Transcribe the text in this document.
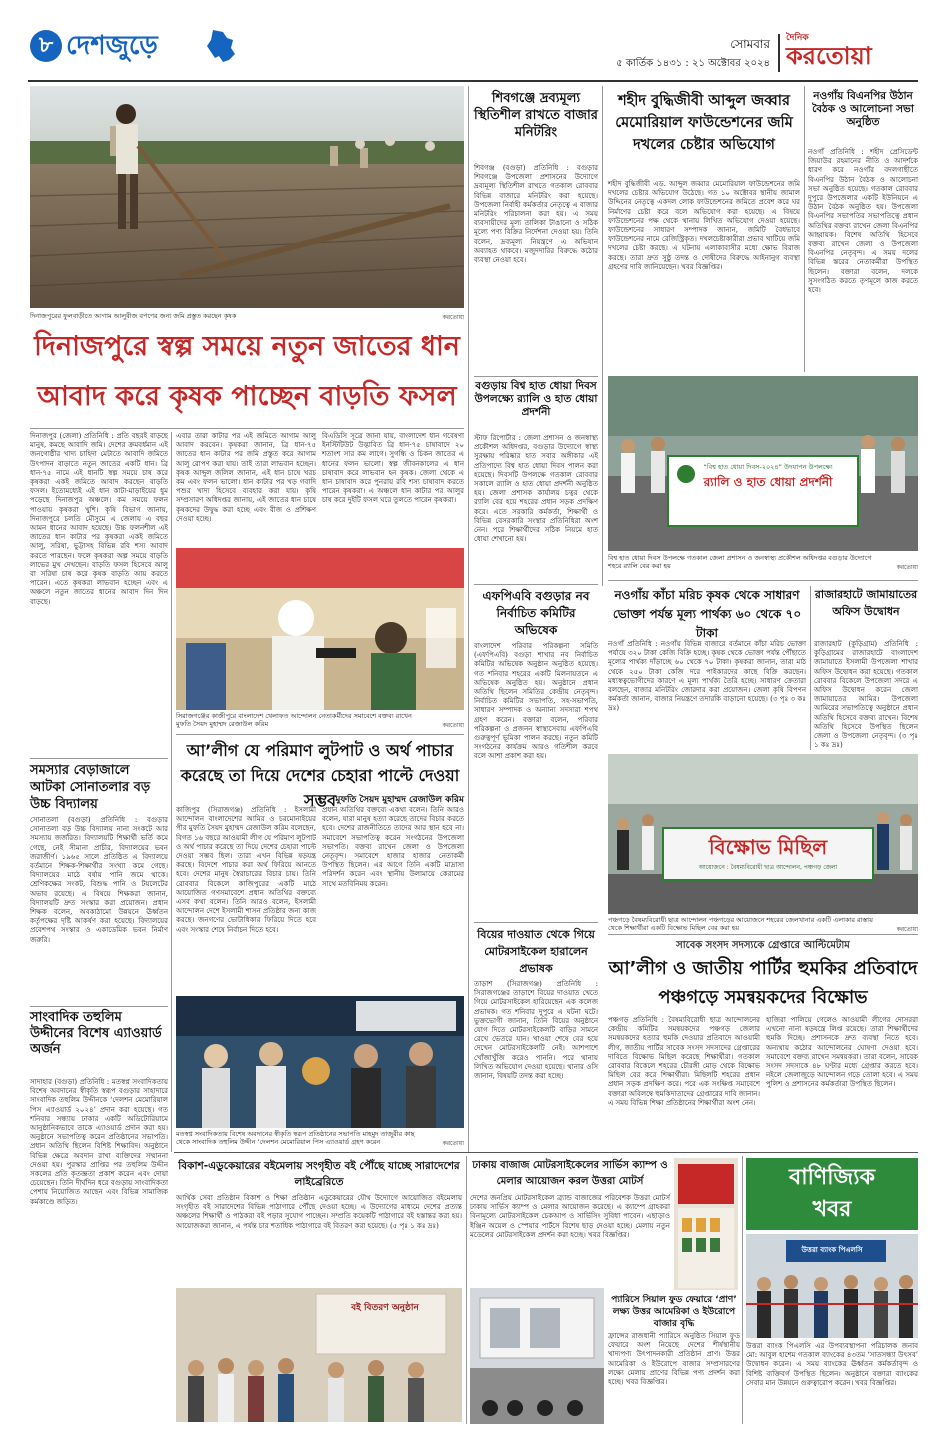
৮ দেশজুড়ে	সোমবার
৫ কার্তিক ১৪৩১ : ২১ অক্টোবর ২০২৪
দৈনিক
করতোয়া
দিনাজপুরের ফুলবাড়ীতে আগাম আলুবীজ বপণের জন্য জমি প্রস্তুত করছেন কৃষক	করতোয়া
দিনাজপুরে স্বল্প সময়ে নতুন জাতের ধান আবাদ করে কৃষক পাচ্ছেন বাড়তি ফসল
দিনাজপুর (জেলা) প্রতিনিধি : প্রতি বছরই বাড়ছে মানুষ, কমছে আবাদি জমি। দেশের ক্রমবর্ধমান এই জনগোষ্ঠীর খাদ্য চাহিদা মেটাতে আবাদি জমিতে উৎপাদন বাড়াতে নতুন জাতের একটি ধান। ব্রি ধান-৭৫ নামে এই ধানটি স্বল্প সময়ে চাষ করে কৃষকরা একই জমিতে আবাদ করছেন বাড়তি ফসল। ইতোমধ্যেই এই ধান কাটা-মাড়াইয়ের ধুম পড়েছে দিনাজপুর অঞ্চলে। কম সময়ে ফলন পাওয়ায় কৃষকরা খুশি। কৃষি বিভাগ জানায়, দিনাজপুরে চলতি মৌসুমে এ জেলায় এ বছর আমন ধানের আবাদ হয়েছে। উচ্চ ফলনশীল এই জাতের ধান কাটার পর কৃষকরা একই জমিতে আলু, সরিষা, ভুট্টাসহ বিভিন্ন রবি শস্য আবাদ করতে পারছেন। ফলে কৃষকরা অল্প সময়ে বাড়তি লাভের মুখ দেখছেন। বাড়তি ফসল হিসেবে আলু বা সরিষা চাষ করে কৃষক বাড়তি আয় করতে পারেন। এতে কৃষকরা লাভবান হচ্ছেন এবং এ অঞ্চলে নতুন জাতের ধানের আবাদ দিন দিন বাড়ছে।
এবার তারা কাটার পর এই জমিতে আগাম আলু আবাদ করবেন। কৃষকরা জানান, ব্রি ধান-৭৫ জাতের ধান কাটার পর জমি প্রস্তুত করে আগাম আলু রোপণ করা যায়। তাই তারা লাভবান হচ্ছেন। কৃষক আব্দুল জলিল জানান, এই ধান চাষে খরচ কম এবং ফলন ভালো। ধান কাটার পর খড় গবাদি পশুর খাদ্য হিসেবে ব্যবহার করা যায়। কৃষি সম্প্রসারণ অধিদপ্তর জানায়, এই জাতের ধান চাষে কৃষকদের উদ্বুদ্ধ করা হচ্ছে এবং বীজ ও প্রশিক্ষণ দেওয়া হচ্ছে।
বিএডিসি সূত্রে জানা যায়, বাংলাদেশ ধান গবেষণা ইনস্টিটিউট উদ্ভাবিত ব্রি ধান-৭৫ চাষাবাদে ২০ শতাংশ সার কম লাগে। সুগন্ধি ও চিকন জাতের এ ধানের ফলন ভালো। স্বল্প জীবনকালের এ ধান চাষাবাদ করে লাভবান হন কৃষক। জেলা থেকে এ ধান চাষাবাদ করে পুনরায় রবি শস্য চাষাবাদ করতে পারেন কৃষকরা। এ অঞ্চলে ধান কাটার পর আলুর চাষ করে দুইটি ফসল ঘরে তুলতে পারেন কৃষকরা।
সিরাজগঞ্জের কাজীপুরে বাংলাদেশ খেলাফত আন্দোলন নেতাকর্মীদের সমাবেশে বক্তব্য রাখেন মুফতি সৈয়দ মুহাম্মদ রেজাউল করিম	করতোয়া
সমস্যার বেড়াজালে আটকা সোনাতলার বড় উচ্চ বিদ্যালয়
সোনাতলা (বগুড়া) প্রতিনিধি : বগুড়ার সোনাতলা বড় উচ্চ বিদ্যালয় নানা সংকটে আর সমস্যায় জর্জরিত। বিদ্যালয়টি শিক্ষার্থী ভর্তি কমে গেছে, নেই সীমানা প্রাচীর, বিদ্যালয়ের ভবন জরাজীর্ণ। ১৯৬৫ সালে প্রতিষ্ঠিত এ বিদ্যালয়ে বর্তমানে শিক্ষক-শিক্ষার্থীর সংখ্যা কমে গেছে। বিদ্যালয়ের মাঠে বর্ষায় পানি জমে থাকে। শ্রেণিকক্ষের সংকট, বিশুদ্ধ পানি ও টয়লেটের অভাব রয়েছে। এ বিষয়ে শিক্ষকরা জানান, বিদ্যালয়টি দ্রুত সংস্কার করা প্রয়োজন। প্রধান শিক্ষক বলেন, অবকাঠামো উন্নয়নে ঊর্ধ্বতন কর্তৃপক্ষের দৃষ্টি আকর্ষণ করা হয়েছে। বিদ্যালয়ের প্রবেশপথ সংস্কার ও একাডেমিক ভবন নির্মাণ জরুরি।
আ’লীগ যে পরিমাণ লুটপাট ও অর্থ পাচার করেছে তা দিয়ে দেশের চেহারা পাল্টে দেওয়া সম্ভব মুফতি সৈয়দ মুহাম্মদ রেজাউল করিম
কাজিপুর (সিরাজগঞ্জ) প্রতিনিধি : ইসলামী আন্দোলন বাংলাদেশের আমির ও চরমোনাইয়ের পীর মুফতি সৈয়দ মুহাম্মদ রেজাউল করিম বলেছেন, বিগত ১৬ বছরে আওয়ামী লীগ যে পরিমাণ লুটপাট ও অর্থ পাচার করেছে তা দিয়ে দেশের চেহারা পাল্টে দেওয়া সম্ভব ছিল। তারা এখন বিভিন্ন ষড়যন্ত্র করছে। বিদেশে পাচার করা অর্থ ফিরিয়ে আনতে হবে। দেশের মানুষ স্বৈরাচারের বিচার চায়। তিনি রোববার বিকেলে কাজিপুরের একটি মাঠে আয়োজিত গণসমাবেশে প্রধান অতিথির বক্তব্যে এসব কথা বলেন। তিনি আরও বলেন, ইসলামী আন্দোলন দেশে ইসলামী শাসন প্রতিষ্ঠার জন্য কাজ করছে। জনগণের ভোটাধিকার ফিরিয়ে দিতে হবে এবং সংস্কার শেষে নির্বাচন দিতে হবে।
প্রধান অতিথির বক্তব্যে একথা বলেন। তিনি আরও বলেন, যারা মানুষ হত্যা করেছে তাদের বিচার করতে হবে। দেশের রাজনীতিতে তাদের আর স্থান হবে না। সমাবেশে সভাপতিত্ব করেন সংগঠনের উপজেলা সভাপতি। বক্তব্য রাখেন জেলা ও উপজেলা নেতৃবৃন্দ। সমাবেশে হাজার হাজার নেতাকর্মী উপস্থিত ছিলেন। এর আগে তিনি একটি মাদ্রাসা পরিদর্শন করেন এবং স্থানীয় উলামায়ে কেরামের সাথে মতবিনিময় করেন।
মতস্বপ্ন সংবাদিকতায় বিশেষ অবদানের স্বীকৃতি স্বরূপ প্রতিষ্ঠানের সভাপতি মাহমুদ তাজুরীর কাছ থেকে সাংবাদিক তহুলিম উদ্দীন ‘দেলশন মেমোরিয়াল পিস এ্যাওয়ার্ড গ্রহণ করেন	করতোয়া
সাংবাদিক তহুলিম উদ্দীনের বিশেষ এ্যাওয়ার্ড অর্জন
সাদাহার (বগুড়া) প্রতিনিধি : মতস্বপ্ন সংবাদিকতায় বিশেষ অবদানের স্বীকৃতি স্বরূপ বগুড়ার সাহাদারে সাংবাদিক তহুলিম উদ্দীনকে ‘দেলশন মেমোরিয়াল পিস এ্যাওয়ার্ড ২০২৪’ প্রদান করা হয়েছে। গত শনিবার সন্ধ্যায় ঢাকার একটি অডিটোরিয়ামে আনুষ্ঠানিকভাবে তাকে এ্যাওয়ার্ড প্রদান করা হয়। অনুষ্ঠানে সভাপতিত্ব করেন প্রতিষ্ঠানের সভাপতি। প্রধান অতিথি ছিলেন বিশিষ্ট শিক্ষাবিদ। অনুষ্ঠানে বিভিন্ন ক্ষেত্রে অবদান রাখা ব্যক্তিদের সম্মাননা দেওয়া হয়। পুরস্কার প্রাপ্তির পর তহুলিম উদ্দীন সকলের প্রতি কৃতজ্ঞতা প্রকাশ করেন এবং দোয়া চেয়েছেন। তিনি দীর্ঘদিন ধরে বগুড়ায় সাংবাদিকতা পেশায় নিয়োজিত আছেন এবং বিভিন্ন সামাজিক কর্মকাণ্ডে জড়িত।
শিবগঞ্জে দ্রব্যমূল্য স্থিতিশীল রাখতে বাজার মনিটরিং
শিবগঞ্জ (বগুড়া) প্রতিনিধি : বগুড়ার শিবগঞ্জে উপজেলা প্রশাসনের উদ্যোগে দ্রব্যমূল্য স্থিতিশীল রাখতে গতকাল রোববার বিভিন্ন বাজারে মনিটরিং করা হয়েছে। উপজেলা নির্বাহী কর্মকর্তার নেতৃত্বে এ বাজার মনিটরিং পরিচালনা করা হয়। এ সময় ব্যবসায়ীদের মূল্য তালিকা টাঙানো ও সঠিক মূল্যে পণ্য বিক্রির নির্দেশনা দেওয়া হয়। তিনি বলেন, দ্রব্যমূল্য নিয়ন্ত্রণে এ অভিযান অব্যাহত থাকবে। মজুদদারির বিরুদ্ধে কঠোর ব্যবস্থা নেওয়া হবে।
বগুড়ায় বিশ্ব হাত ধোয়া দিবস উপলক্ষ্যে র‌্যালি ও হাত ধোয়া প্রদর্শনী
স্টাফ রিপোর্টার : জেলা প্রশাসন ও জনস্বাস্থ্য প্রকৌশল অধিদপ্তর, বগুড়ার উদ্যোগে স্বাস্থ্য সুরক্ষায় পরিষ্কার হাত সবার অঙ্গীকার এই প্রতিপাদ্যে বিশ্ব হাত ধোয়া দিবস পালন করা হয়েছে। দিবসটি উপলক্ষে গতকাল রোববার সকালে র‌্যালি ও হাত ধোয়া প্রদর্শনী অনুষ্ঠিত হয়। জেলা প্রশাসক কার্যালয় চত্বর থেকে র‌্যালি বের হয়ে শহরের প্রধান সড়ক প্রদক্ষিণ করে। এতে সরকারি কর্মকর্তা, শিক্ষার্থী ও বিভিন্ন বেসরকারি সংস্থার প্রতিনিধিরা অংশ নেন। পরে শিক্ষার্থীদের সঠিক নিয়মে হাত ধোয়া শেখানো হয়।
এফপিএবি বগুড়ার নব নির্বাচিত কমিটির অভিষেক
বাংলাদেশ পরিবার পরিকল্পনা সমিতি (এফপিএবি) বগুড়া শাখার নব নির্বাচিত কমিটির অভিষেক অনুষ্ঠান অনুষ্ঠিত হয়েছে। গত শনিবার শহরের একটি মিলনায়তনে এ অভিষেক অনুষ্ঠিত হয়। অনুষ্ঠানে প্রধান অতিথি ছিলেন সমিতির কেন্দ্রীয় নেতৃবৃন্দ। নির্বাচিত কমিটির সভাপতি, সহ-সভাপতি, সাধারণ সম্পাদক ও অন্যান্য সদস্যরা শপথ গ্রহণ করেন। বক্তারা বলেন, পরিবার পরিকল্পনা ও প্রজনন স্বাস্থ্যসেবায় এফপিএবি গুরুত্বপূর্ণ ভূমিকা পালন করছে। নতুন কমিটি সংগঠনের কার্যক্রম আরও গতিশীল করবে বলে আশা প্রকাশ করা হয়।
বিয়ের দাওয়াত থেকে গিয়ে মোটরসাইকেল হারালেন প্রভাষক
তাড়াশ (সিরাজগঞ্জ) প্রতিনিধি : সিরাজগঞ্জের তাড়াশে বিয়ের দাওয়াত খেতে গিয়ে মোটরসাইকেল হারিয়েছেন এক কলেজ প্রভাষক। গত শনিবার দুপুরে এ ঘটনা ঘটে। ভুক্তভোগী জানান, তিনি বিয়ের অনুষ্ঠানে যোগ দিতে মোটরসাইকেলটি বাড়ির সামনে রেখে ভেতরে যান। খাওয়া শেষে বের হয়ে দেখেন মোটরসাইকেলটি নেই। আশপাশে খোঁজাখুঁজি করেও পাননি। পরে থানায় লিখিত অভিযোগ দেওয়া হয়েছে। থানার ওসি জানান, বিষয়টি তদন্ত করা হচ্ছে।
শহীদ বুদ্ধিজীবী আব্দুল জব্বার মেমোরিয়াল ফাউন্ডেশনের জমি দখলের চেষ্টার অভিযোগ
শহীদ বুদ্ধিজীবী এড. আব্দুল জব্বার মেমোরিয়াল ফাউন্ডেশনের জমি দখলের চেষ্টার অভিযোগ উঠেছে। গত ১০ অক্টোবর স্থানীয় জামাল উদ্দিনের নেতৃত্বে একদল লোক ফাউন্ডেশনের জমিতে প্রবেশ করে ঘর নির্মাণের চেষ্টা করে বলে অভিযোগ করা হয়েছে। এ বিষয়ে ফাউন্ডেশনের পক্ষ থেকে থানায় লিখিত অভিযোগ দেওয়া হয়েছে। ফাউন্ডেশনের সাধারণ সম্পাদক জানান, জমিটি বৈধভাবে ফাউন্ডেশনের নামে রেজিস্ট্রিকৃত। দখলচেষ্টাকারীরা প্রভাব খাটিয়ে জমি দখলের চেষ্টা করছে। এ ঘটনায় এলাকাবাসীর মধ্যে ক্ষোভ বিরাজ করছে। তারা দ্রুত সুষ্ঠু তদন্ত ও দোষীদের বিরুদ্ধে আইনানুগ ব্যবস্থা গ্রহণের দাবি জানিয়েছেন। খবর বিজ্ঞপ্তির।
নওগাঁয় বিএনপির উঠান বৈঠক ও আলোচনা সভা অনুষ্ঠিত
নওগাঁ প্রতিনিধি : শহীদ প্রেসিডেন্ট জিয়াউর রহমানের নীতি ও আদর্শকে ধারণ করে নওগাঁর বদলগাছীতে বিএনপির উঠান বৈঠক ও আলোচনা সভা অনুষ্ঠিত হয়েছে। গতকাল রোববার দুপুরে উপজেলার একটি ইউনিয়নে এ উঠান বৈঠক অনুষ্ঠিত হয়। উপজেলা বিএনপির সভাপতির সভাপতিত্বে প্রধান অতিথির বক্তব্য রাখেন জেলা বিএনপির আহ্বায়ক। বিশেষ অতিথি হিসেবে বক্তব্য রাখেন জেলা ও উপজেলা বিএনপির নেতৃবৃন্দ। এ সময় দলের বিভিন্ন স্তরের নেতাকর্মীরা উপস্থিত ছিলেন। বক্তারা বলেন, দলকে সুসংগঠিত করতে তৃণমূলে কাজ করতে হবে।
“বিশ্ব হাত ধোয়া দিবস-২০২৪” উদযাপন উপলক্ষ্যে
র‌্যালি ও হাত ধোয়া প্রদর্শনী
বিশ্ব হাত ধোয়া দিবস উপলক্ষে গতকাল জেলা প্রশাসন ও জনস্বাস্থ্য প্রকৌশল অধিদপ্তর বগুড়ার উদ্যোগে শহরে র‌্যালি বের করা হয়	করতোয়া
নওগাঁয় কাঁচা মরিচ কৃষক থেকে সাধারণ ভোক্তা পর্যন্ত মূল্য পার্থক্য ৬০ থেকে ৭০ টাকা
নওগাঁ প্রতিনিধি : নওগাঁয় বিভিন্ন বাজারে বর্তমানে কাঁচা মরিচ ভোক্তা পর্যায়ে ৩২০ টাকা কেজি বিক্রি হচ্ছে। কৃষক থেকে ভোক্তা পর্যন্ত পৌঁছাতে মূল্যের পার্থক্য দাঁড়াচ্ছে ৬০ থেকে ৭০ টাকা। কৃষকরা জানান, তারা মাঠ থেকে ২৫০ টাকা কেজি দরে পাইকারদের কাছে বিক্রি করছেন। মধ্যস্বত্বভোগীদের কারণে এ মূল্য পার্থক্য তৈরি হচ্ছে। সাধারণ ক্রেতারা বলছেন, বাজার মনিটরিং জোরদার করা প্রয়োজন। জেলা কৃষি বিপণন কর্মকর্তা জানান, বাজার নিয়ন্ত্রণে তদারকি বাড়ানো হয়েছে। (৩ পৃঃ ৩ কঃ দ্রঃ)
রাজারহাটে জামায়াতের অফিস উদ্বোধন
রাজারহাট (কুড়িগ্রাম) প্রতিনিধি : কুড়িগ্রামের রাজারহাটে বাংলাদেশ জামায়াতে ইসলামী উপজেলা শাখার অফিস উদ্বোধন করা হয়েছে। গতকাল রোববার বিকেলে উপজেলা সদরে এ অফিস উদ্বোধন করেন জেলা জামায়াতের আমির। উপজেলা আমিরের সভাপতিত্বে অনুষ্ঠানে প্রধান অতিথি হিসেবে বক্তব্য রাখেন। বিশেষ অতিথি হিসেবে উপস্থিত ছিলেন জেলা ও উপজেলা নেতৃবৃন্দ। (৩ পৃঃ ১ কঃ দ্রঃ)
বিক্ষোভ মিছিল
আয়োজনে : বৈষম্যবিরোধী ছাত্র আন্দোলন, পঞ্চগড় জেলা
পঞ্চগড়ে বৈষম্যবিরোধী ছাত্র আন্দোলন পঞ্চগড়ের আয়োজনে শহরের জেলখানার একটি এলাকার রাস্তায় থেকে শিক্ষার্থীরা একটি বিক্ষোভ মিছিল বের করা হয়	করতোয়া
সাবেক সংসদ সদস্যকে গ্রেপ্তারে আল্টিমেটাম
আ’লীগ ও জাতীয় পার্টির হুমকির প্রতিবাদে পঞ্চগড়ে সমন্বয়কদের বিক্ষোভ
পঞ্চগড় প্রতিনিধি : বৈষম্যবিরোধী ছাত্র আন্দোলনের কেন্দ্রীয় কমিটির সমন্বয়কদের পঞ্চগড় জেলার সমন্বয়কদের হত্যার হুমকি দেওয়ার প্রতিবাদে আওয়ামী লীগ, জাতীয় পার্টির সাবেক সংসদ সদস্যদের গ্রেপ্তারের দাবিতে বিক্ষোভ মিছিল করেছে শিক্ষার্থীরা। গতকাল রোববার বিকেলে শহরের চৌরঙ্গী মোড় থেকে বিক্ষোভ মিছিল বের করে শিক্ষার্থীরা। মিছিলটি শহরের প্রধান প্রধান সড়ক প্রদক্ষিণ করে। পরে এক সংক্ষিপ্ত সমাবেশে বক্তারা অবিলম্বে হুমকিদাতাদের গ্রেপ্তারের দাবি জানান। এ সময় বিভিন্ন শিক্ষা প্রতিষ্ঠানের শিক্ষার্থীরা অংশ নেন।
হাজিরা পালিয়ে গেলেও আওয়ামী লীগের দোসররা এখনো নানা ষড়যন্ত্রে লিপ্ত রয়েছে। তারা শিক্ষার্থীদের হুমকি দিচ্ছে। প্রশাসনকে দ্রুত ব্যবস্থা নিতে হবে। অন্যথায় কঠোর আন্দোলনের ঘোষণা দেওয়া হবে। সমাবেশে বক্তব্য রাখেন সমন্বয়করা। তারা বলেন, সাবেক সংসদ সদস্যকে ৪৮ ঘণ্টার মধ্যে গ্রেপ্তার করতে হবে। নইলে জেলাজুড়ে আন্দোলন গড়ে তোলা হবে। এ সময় পুলিশ ও প্রশাসনের কর্মকর্তারা উপস্থিত ছিলেন।
বিকাশ-এডুকেয়ারের বইমেলায় সংগৃহীত বই পৌঁছে যাচ্ছে সারাদেশের লাইব্রেরিতে
আর্থিক সেবা প্রতিষ্ঠান বিকাশ ও শিক্ষা প্রতিষ্ঠান এডুকেয়ারের যৌথ উদ্যোগে আয়োজিত বইমেলায় সংগৃহীত বই সারাদেশের বিভিন্ন পাঠাগারে পৌঁছে দেওয়া হচ্ছে। এ উদ্যোগের মাধ্যমে দেশের প্রত্যন্ত অঞ্চলের শিক্ষার্থী ও পাঠকরা বই পড়ার সুযোগ পাচ্ছেন। সম্প্রতি কয়েকটি পাঠাগারে বই হস্তান্তর করা হয়। আয়োজকরা জানান, এ পর্যন্ত চার শতাধিক পাঠাগারে বই বিতরণ করা হয়েছে। (৫ পৃঃ ১ কঃ দ্রঃ)
বই বিতরণ অনুষ্ঠান
ঢাকায় বাজাজ মোটরসাইকেলের সার্ভিস ক্যাম্প ও মেলার আয়োজন করল উত্তরা মোটর্স
দেশের জনপ্রিয় মোটরসাইকেল ব্র্যান্ড বাজাজের পরিবেশক উত্তরা মোটর্স ঢাকায় সার্ভিস ক্যাম্প ও মেলার আয়োজন করেছে। এ ক্যাম্পে গ্রাহকরা বিনামূল্যে মোটরসাইকেল চেকআপ ও সার্ভিসিং সুবিধা পাবেন। এছাড়াও ইঞ্জিন অয়েল ও স্পেয়ার পার্টসে বিশেষ ছাড় দেওয়া হচ্ছে। মেলায় নতুন মডেলের মোটরসাইকেল প্রদর্শন করা হচ্ছে। খবর বিজ্ঞপ্তির।
প্যারিসে সিয়াল ফুড ফেয়ারে ‘প্রাণ’ লক্ষ্য উত্তর আমেরিকা ও ইউরোপে বাজার বৃদ্ধি
ফ্রান্সের রাজধানী প্যারিসে অনুষ্ঠিত সিয়াল ফুড ফেয়ারে অংশ নিয়েছে দেশের শীর্ষস্থানীয় খাদ্যপণ্য উৎপাদনকারী প্রতিষ্ঠান প্রাণ। উত্তর আমেরিকা ও ইউরোপে বাজার সম্প্রসারণের লক্ষ্যে মেলায় প্রাণের বিভিন্ন পণ্য প্রদর্শন করা হচ্ছে। খবর বিজ্ঞপ্তির।
বাণিজ্যিক
খবর
উত্তরা ব্যাংক পিএলসি
উত্তরা ব্যাংক পিএলসি এর উপব্যবস্থাপনা পরিচালক জনাব মো: আবুল হাশেম গতকাল ব্যাংকের ৪৩তম ‘সাতসন্ধ্যা উৎসব’ উদ্বোধন করেন। এ সময় ব্যাংকের ঊর্ধ্বতন কর্মকর্তাবৃন্দ ও বিশিষ্ট ব্যক্তিবর্গ উপস্থিত ছিলেন। অনুষ্ঠানে বক্তারা ব্যাংকের সেবার মান উন্নয়নে গুরুত্বারোপ করেন। খবর বিজ্ঞপ্তির।
